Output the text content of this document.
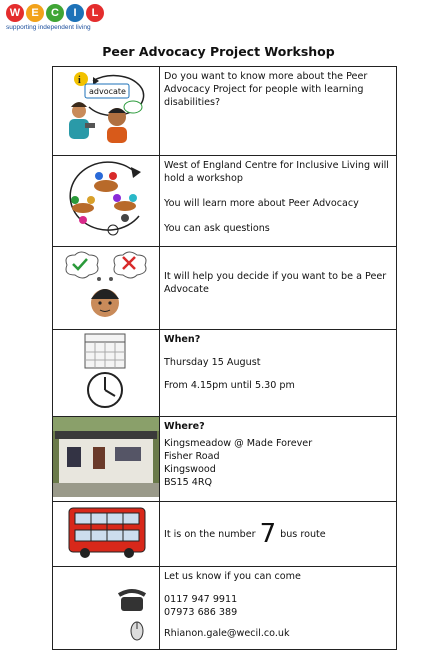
W	E	C	I	L
supporting independent living
Peer Advocacy Project Workshop
i
advocate	Do you want to know more about the Peer Advocacy Project for people with learning disabilities?

West of England Centre for Inclusive Living will hold a workshop

You will learn more about Peer Advocacy

You can ask questions

It will help you decide if you want to be a Peer Advocate

When?

Thursday 15 August

From 4.15pm until 5.30 pm

Where?

Kingsmeadow @ Made Forever

Fisher Road

Kingswood

BS15 4RQ

	It is on the number 7 bus route

Let us know if you can come

0117 947 9911

07973 686 389

Rhianon.gale@wecil.co.uk
